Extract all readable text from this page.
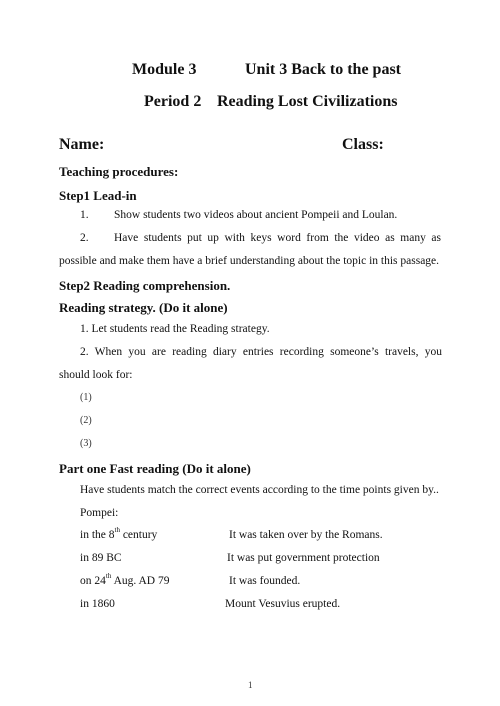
Module 3	Unit 3 Back to the past
Period 2 Reading Lost Civilizations
Name:	Class:
Teaching procedures:
Step1 Lead-in
1. Show students two videos about ancient Pompeii and Loulan.
2. Have students put up with keys word from the video as many as
possible and make them have a brief understanding about the topic in this passage.
Step2 Reading comprehension.
Reading strategy. (Do it alone)
1. Let students read the Reading strategy.
2. When you are reading diary entries recording someone’s travels, you
should look for:
(1)
(2)
(3)
Part one Fast reading (Do it alone)
Have students match the correct events according to the time points given by..
Pompei:
in the 8th century	It was taken over by the Romans.
in 89 BC	It was put government protection
on 24th Aug. AD 79	It was founded.
in 1860	Mount Vesuvius erupted.
1
